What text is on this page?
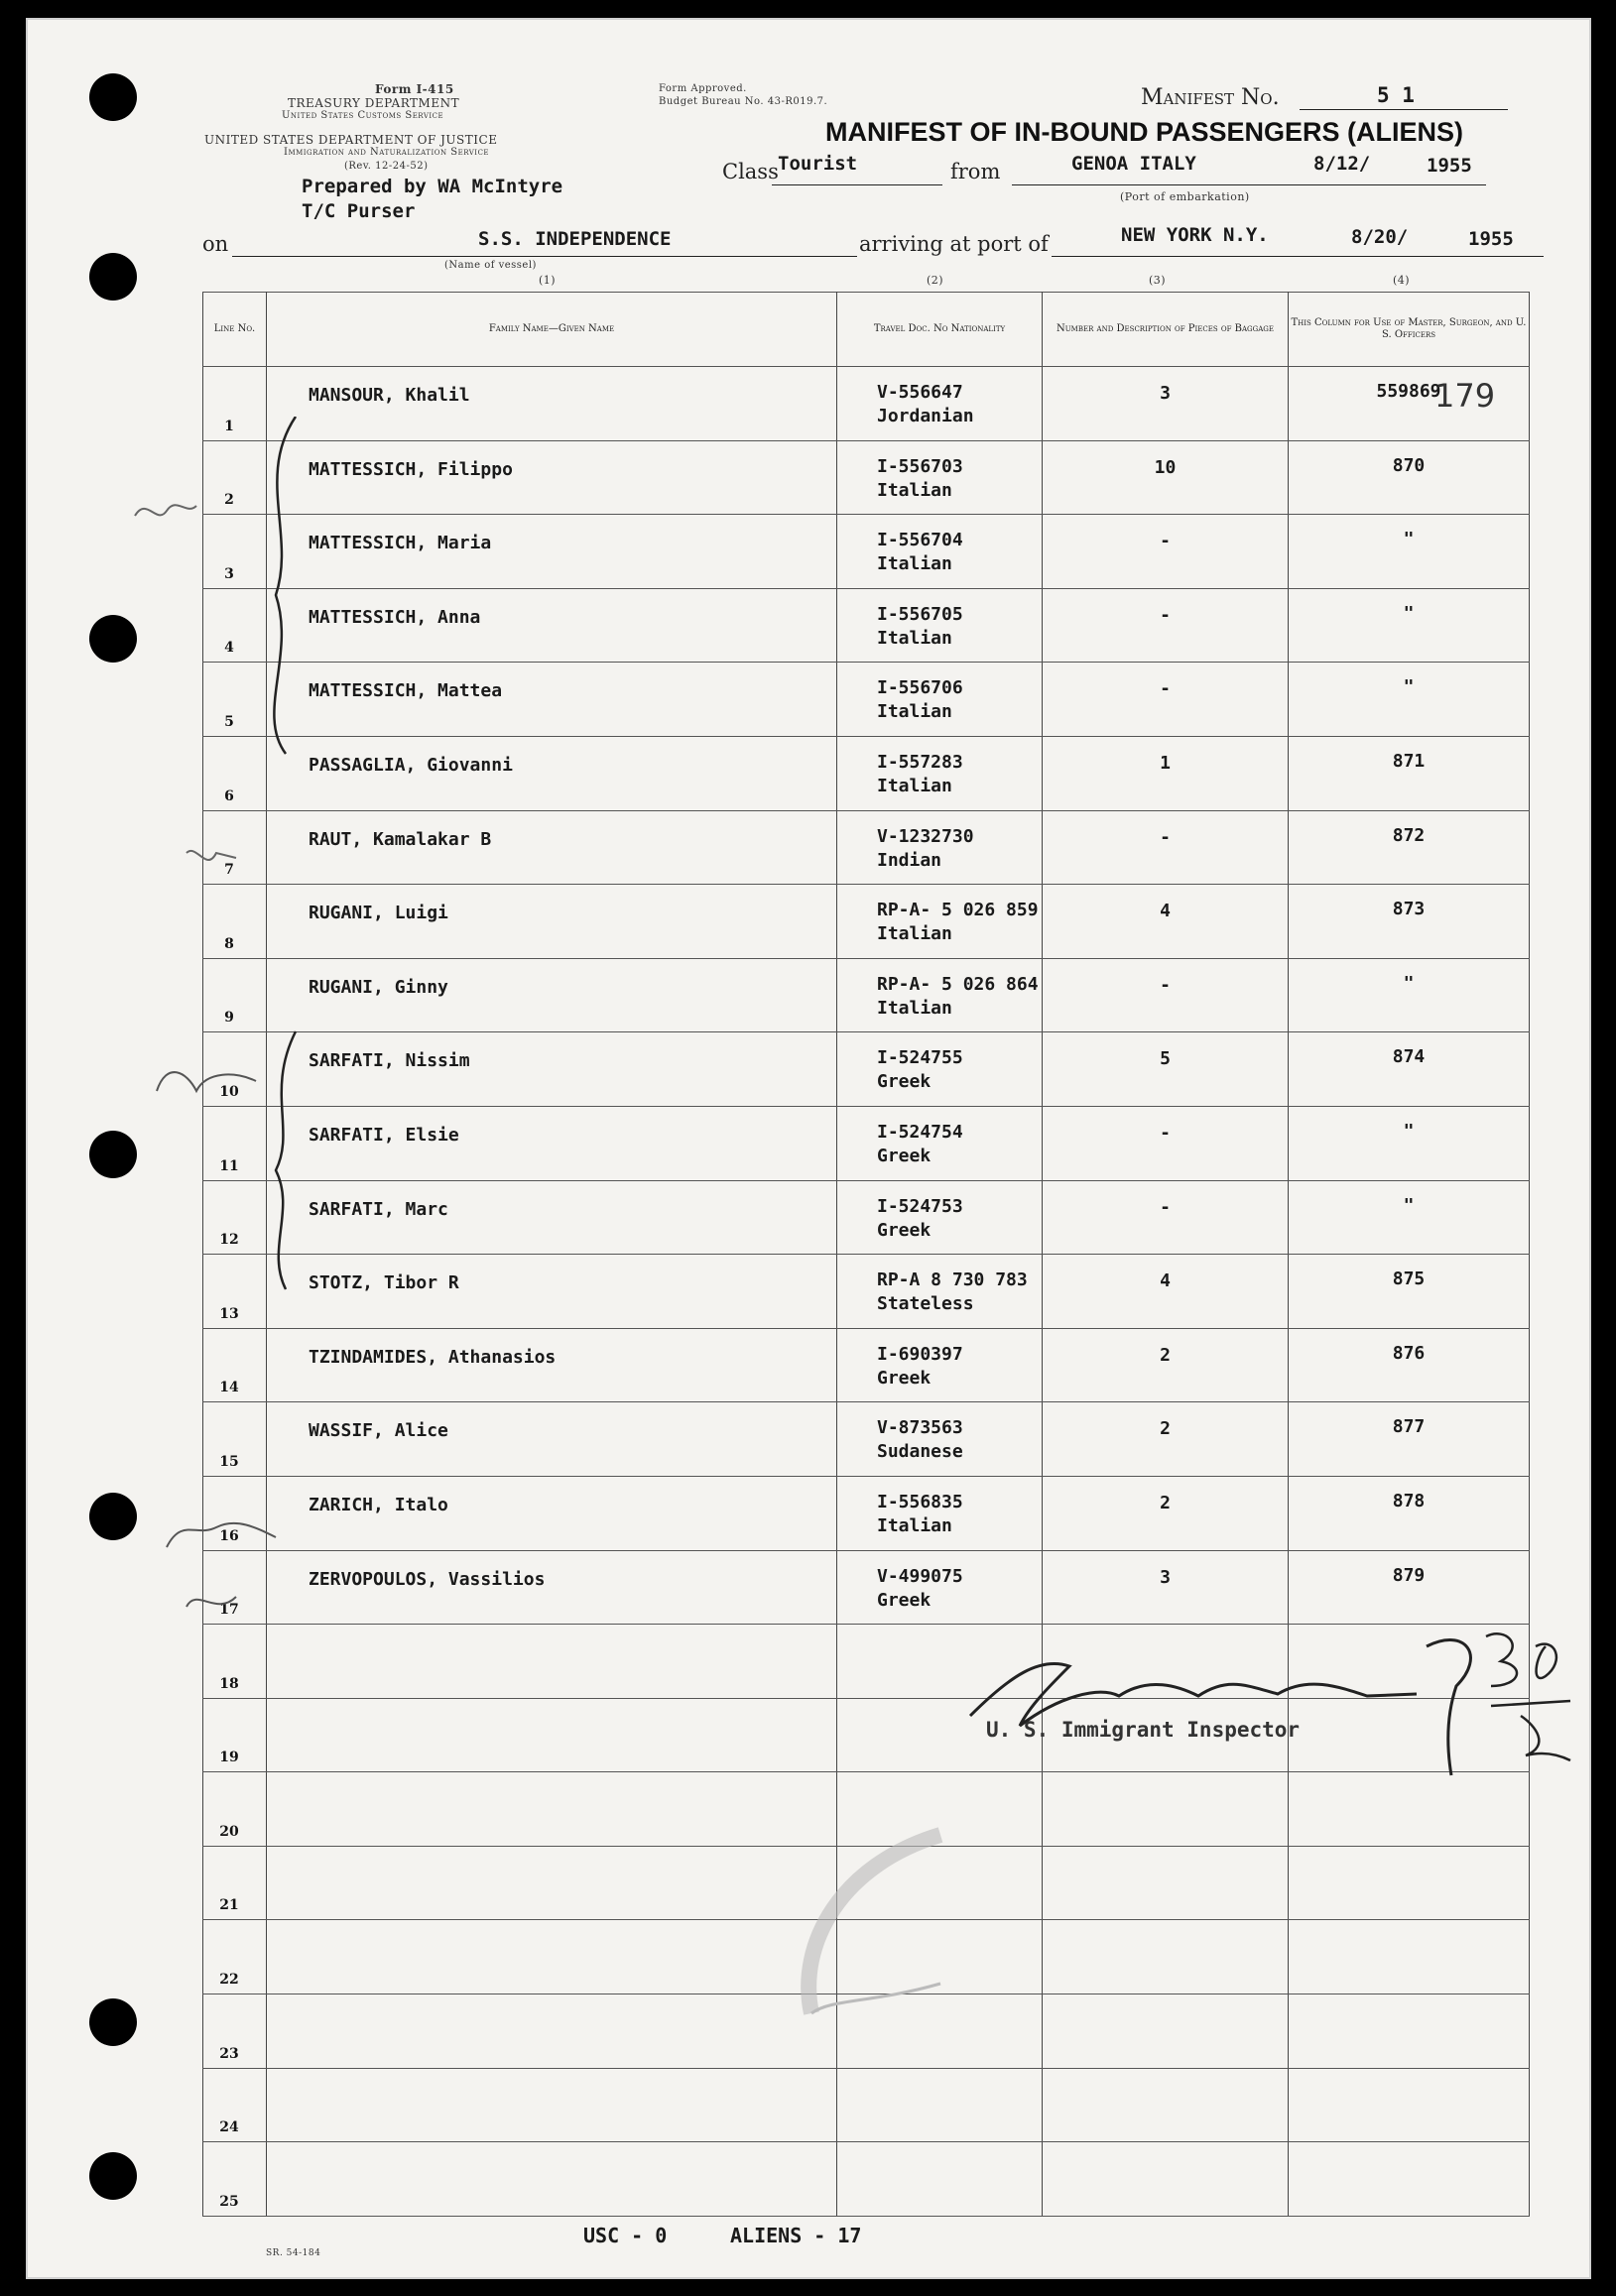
Form I-415
TREASURY DEPARTMENT
United States Customs Service
UNITED STATES DEPARTMENT OF JUSTICE
Immigration and Naturalization Service
(Rev. 12-24-52)
Form Approved.
Budget Bureau No. 43-R019.7.	Manifest No.	5 1
MANIFEST OF IN-BOUND PASSENGERS (ALIENS)
Prepared by WA McIntyre
T/C Purser
Class Tourist	from	GENOA ITALY	8/12/	1955
(Port of embarkation)
on	S.S. INDEPENDENCE
(Name of vessel)
arriving at port of	NEW YORK N.Y.	8/20/	1955
(1)	(2)	(3)	(4)
Line No.	Family Name—Given Name	Travel Doc. No Nationality	Number and Description of Pieces of Baggage	This Column for Use of Master, Surgeon, and U. S. Officers

1	MANSOUR, Khalil	V-556647
Jordanian	3	559869

2	MATTESSICH, Filippo	I-556703
Italian	10	870

3	MATTESSICH, Maria	I-556704
Italian	-	"

4	MATTESSICH, Anna	I-556705
Italian	-	"

5	MATTESSICH, Mattea	I-556706
Italian	-	"

6	PASSAGLIA, Giovanni	I-557283
Italian	1	871

7	RAUT, Kamalakar B	V-1232730
Indian	-	872

8	RUGANI, Luigi	RP-A- 5 026 859
Italian	4	873

9	RUGANI, Ginny	RP-A- 5 026 864
Italian	-	"

10	SARFATI, Nissim	I-524755
Greek	5	874

11	SARFATI, Elsie	I-524754
Greek	-	"

12	SARFATI, Marc	I-524753
Greek	-	"

13	STOTZ, Tibor R	RP-A 8 730 783
Stateless	4	875

14	TZINDAMIDES, Athanasios	I-690397
Greek	2	876

15	WASSIF, Alice	V-873563
Sudanese	2	877

16	ZARICH, Italo	I-556835
Italian	2	878

17	ZERVOPOULOS, Vassilios	V-499075
Greek	3	879

18				

19				

20				

21				

22				

23				

24				

25				

179
U. S. Immigrant Inspector
SR. 54-184
USC - 0	ALIENS - 17
